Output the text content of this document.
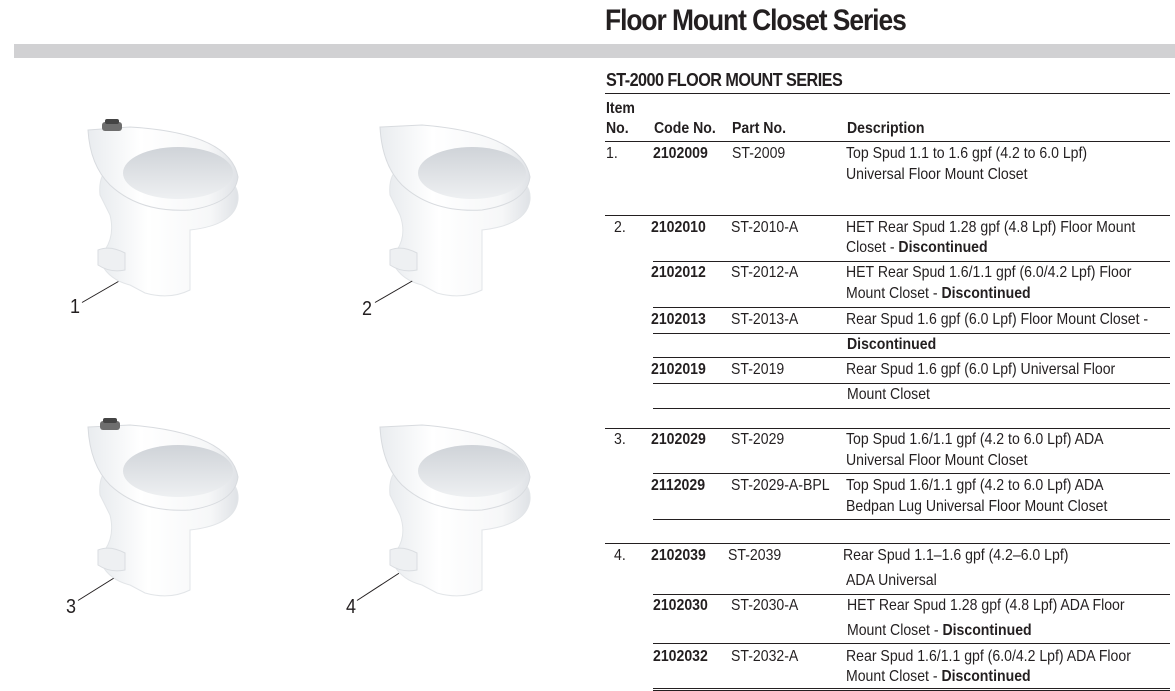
Floor Mount Closet Series
ST-2000 FLOOR MOUNT SERIES
1	2
3	4
Item
No. Code No. Part No.	Description
1. 2102009 ST-2009	Top Spud 1.1 to 1.6 gpf (4.2 to 6.0 Lpf)
Universal Floor Mount Closet
2. 2102010 ST-2010-A	HET Rear Spud 1.28 gpf (4.8 Lpf) Floor Mount
Closet - Discontinued
2102012 ST-2012-A	HET Rear Spud 1.6/1.1 gpf (6.0/4.2 Lpf) Floor
Mount Closet - Discontinued
2102013 ST-2013-A	Rear Spud 1.6 gpf (6.0 Lpf) Floor Mount Closet -
Discontinued
2102019 ST-2019	Rear Spud 1.6 gpf (6.0 Lpf) Universal Floor
Mount Closet
3. 2102029 ST-2029	Top Spud 1.6/1.1 gpf (4.2 to 6.0 Lpf) ADA
Universal Floor Mount Closet
2112029 ST-2029-A-BPL Top Spud 1.6/1.1 gpf (4.2 to 6.0 Lpf) ADA
Bedpan Lug Universal Floor Mount Closet
4. 2102039 ST-2039	Rear Spud 1.1–1.6 gpf (4.2–6.0 Lpf)
ADA Universal
2102030 ST-2030-A	HET Rear Spud 1.28 gpf (4.8 Lpf) ADA Floor
Mount Closet - Discontinued
2102032 ST-2032-A	Rear Spud 1.6/1.1 gpf (6.0/4.2 Lpf) ADA Floor
Mount Closet - Discontinued
